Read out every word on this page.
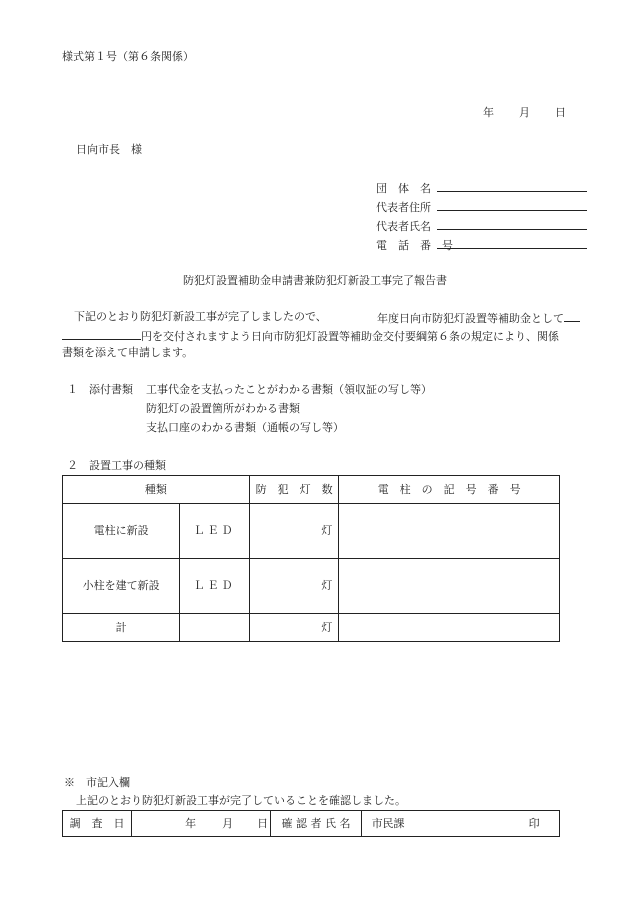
様式第１号（第６条関係）
年 月 日
日向市長　様
団　体　名
代表者住所
代表者氏名
電　話　番　号
防犯灯設置補助金申請書兼防犯灯新設工事完了報告書
下記のとおり防犯灯新設工事が完了しましたので、	年度日向市防犯灯設置等補助金として
円を交付されますよう日向市防犯灯設置等補助金交付要綱第６条の規定により、関係
書類を添えて申請します。
１　添付書類 工事代金を支払ったことがわかる書類（領収証の写し等）
防犯灯の設置箇所がわかる書類
支払口座のわかる書類（通帳の写し等）
２　設置工事の種類
種類		防　犯　灯　数	電　柱　の　記　号　番　号
電柱に新設	ＬＥＤ	灯	
小柱を建て新設	ＬＥＤ	灯	
計		灯	
※　市記入欄
上記のとおり防犯灯新設工事が完了していることを確認しました。
調　査　日	年 月 日	確 認 者 氏 名	市民課	印
